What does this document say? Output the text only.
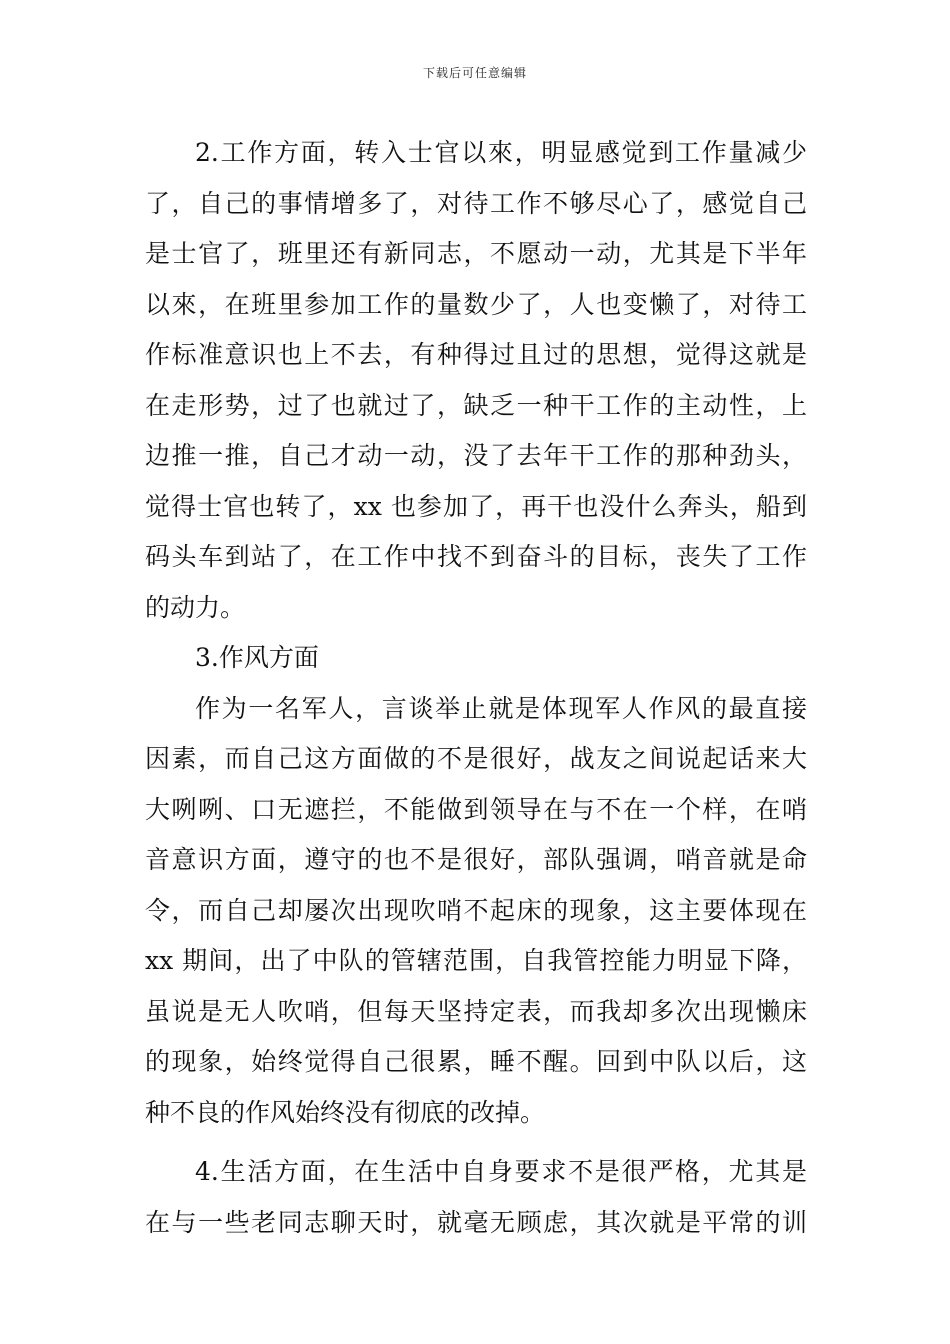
下载后可任意编辑
2.工作方面，转入士官以來，明显感觉到工作量减少
了，自己的事情增多了，对待工作不够尽心了，感觉自己
是士官了，班里还有新同志，不愿动一动，尤其是下半年
以來，在班里参加工作的量数少了，人也变懒了，对待工
作标准意识也上不去，有种得过且过的思想，觉得这就是
在走形势，过了也就过了，缺乏一种干工作的主动性，上
边推一推，自己才动一动，没了去年干工作的那种劲头，
觉得士官也转了，xx 也参加了，再干也没什么奔头，船到
码头车到站了，在工作中找不到奋斗的目标，丧失了工作
的动力。
3.作风方面
作为一名军人，言谈举止就是体现军人作风的最直接
因素，而自己这方面做的不是很好，战友之间说起话来大
大咧咧、口无遮拦，不能做到领导在与不在一个样，在哨
音意识方面，遵守的也不是很好，部队强调，哨音就是命
令，而自己却屡次出现吹哨不起床的现象，这主要体现在
xx 期间，出了中队的管辖范围，自我管控能力明显下降，
虽说是无人吹哨，但每天坚持定表，而我却多次出现懒床
的现象，始终觉得自己很累，睡不醒。回到中队以后，这
种不良的作风始终没有彻底的改掉。
4.生活方面，在生活中自身要求不是很严格，尤其是
在与一些老同志聊天时，就毫无顾虑，其次就是平常的训
